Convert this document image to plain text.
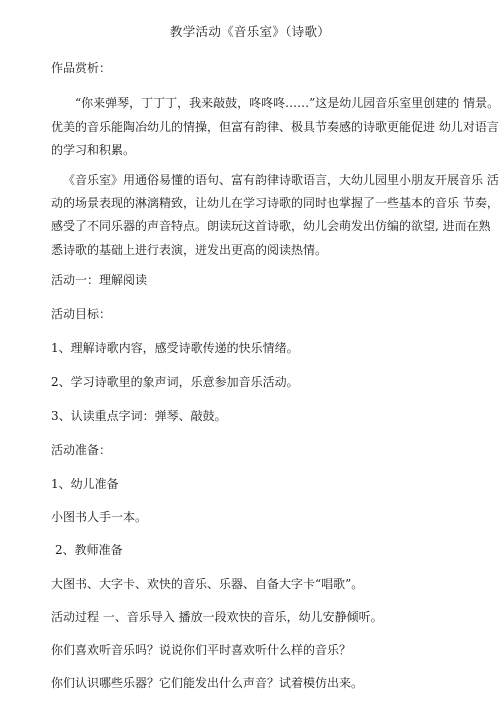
教学活动《音乐室》（诗歌）
作品赏析：
“你来弹琴，丁丁丁，我来敲鼓，咚咚咚……”这是幼儿园音乐室里创建的 情景。
优美的音乐能陶冶幼儿的情操，但富有韵律、极具节奏感的诗歌更能促进 幼儿对语言
的学习和积累。
《音乐室》用通俗易懂的语句、富有韵律诗歌语言，大幼儿园里小朋友开展音乐 活
动的场景表现的淋漓精致，让幼儿在学习诗歌的同时也掌握了一些基本的音乐 节奏，
感受了不同乐器的声音特点。朗读玩这首诗歌，幼儿会萌发出仿编的欲望, 进而在熟
悉诗歌的基础上进行表演，迸发出更高的阅读热情。
活动一：理解阅读
活动目标：
1、理解诗歌内容，感受诗歌传递的快乐情绪。
2、学习诗歌里的象声词，乐意参加音乐活动。
3、认读重点字词：弹琴、敲鼓。
活动准备：
1、幼儿准备
小图书人手一本。
2、教师准备
大图书、大字卡、欢快的音乐、乐器、自备大字卡“唱歌”。
活动过程 一、音乐导入 播放一段欢快的音乐，幼儿安静倾听。
你们喜欢听音乐吗？说说你们平时喜欢听什么样的音乐？
你们认识哪些乐器？它们能发出什么声音？试着模仿出来。
